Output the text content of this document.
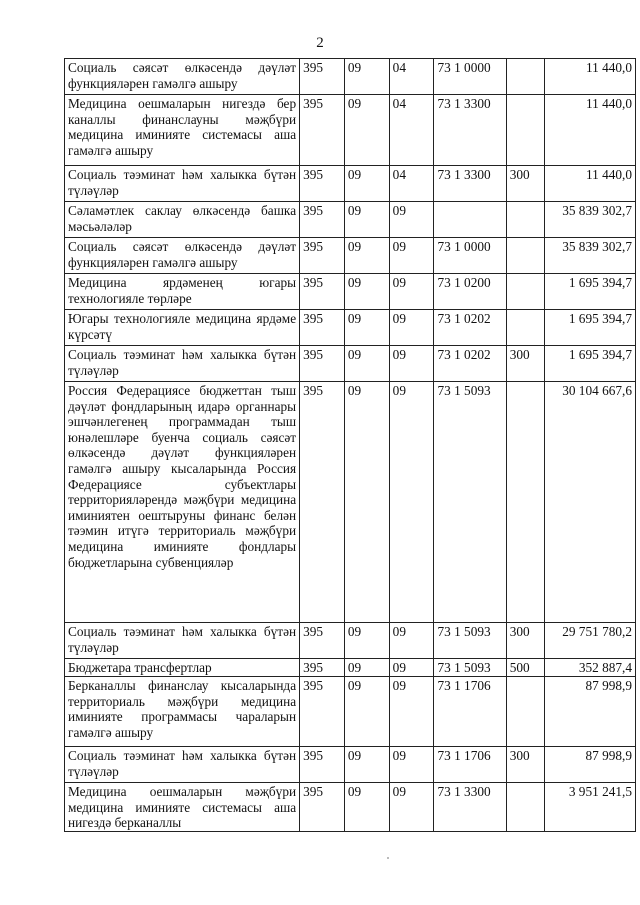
2
Социаль сәясәт өлкәсендә дәүләт функцияләрен гамәлгә ашыру	395	09	04	73 1 0000		11 440,0
Медицина оешмаларын нигездә бер каналлы финанслауны мәҗбүри медицина иминияте системасы аша гамәлгә ашыру	395	09	04	73 1 3300		11 440,0
Социаль тәэминат һәм халыкка бүтән түләүләр	395	09	04	73 1 3300	300	11 440,0
Сәламәтлек саклау өлкәсендә башка мәсьәләләр	395	09	09			35 839 302,7
Социаль сәясәт өлкәсендә дәүләт функцияләрен гамәлгә ашыру	395	09	09	73 1 0000		35 839 302,7
Медицина ярдәменең югары технологияле төрләре	395	09	09	73 1 0200		1 695 394,7
Югары технологияле медицина ярдәме күрсәтү	395	09	09	73 1 0202		1 695 394,7
Социаль тәэминат һәм халыкка бүтән түләүләр	395	09	09	73 1 0202	300	1 695 394,7
Россия Федерациясе бюджеттан тыш дәүләт фондларының идарә органнары эшчәнлегенең программадан тыш юнәлешләре буенча социаль сәясәт өлкәсендә дәүләт функцияләрен гамәлгә ашыру кысаларында Россия Федерациясе субъектлары территорияләрендә мәҗбүри медицина иминиятен оештыруны финанс белән тәэмин итүгә территориаль мәҗбүри медицина иминияте фондлары бюджетларына субвенцияләр	395	09	09	73 1 5093		30 104 667,6
Социаль тәэминат һәм халыкка бүтән түләүләр	395	09	09	73 1 5093	300	29 751 780,2
Бюджетара трансфертлар	395	09	09	73 1 5093	500	352 887,4
Берканаллы финанслау кысаларында территориаль мәҗбүри медицина иминияте программасы чараларын гамәлгә ашыру	395	09	09	73 1 1706		87 998,9
Социаль тәэминат һәм халыкка бүтән түләүләр	395	09	09	73 1 1706	300	87 998,9
Медицина оешмаларын мәҗбүри медицина иминияте системасы аша нигездә берканаллы	395	09	09	73 1 3300		3 951 241,5
